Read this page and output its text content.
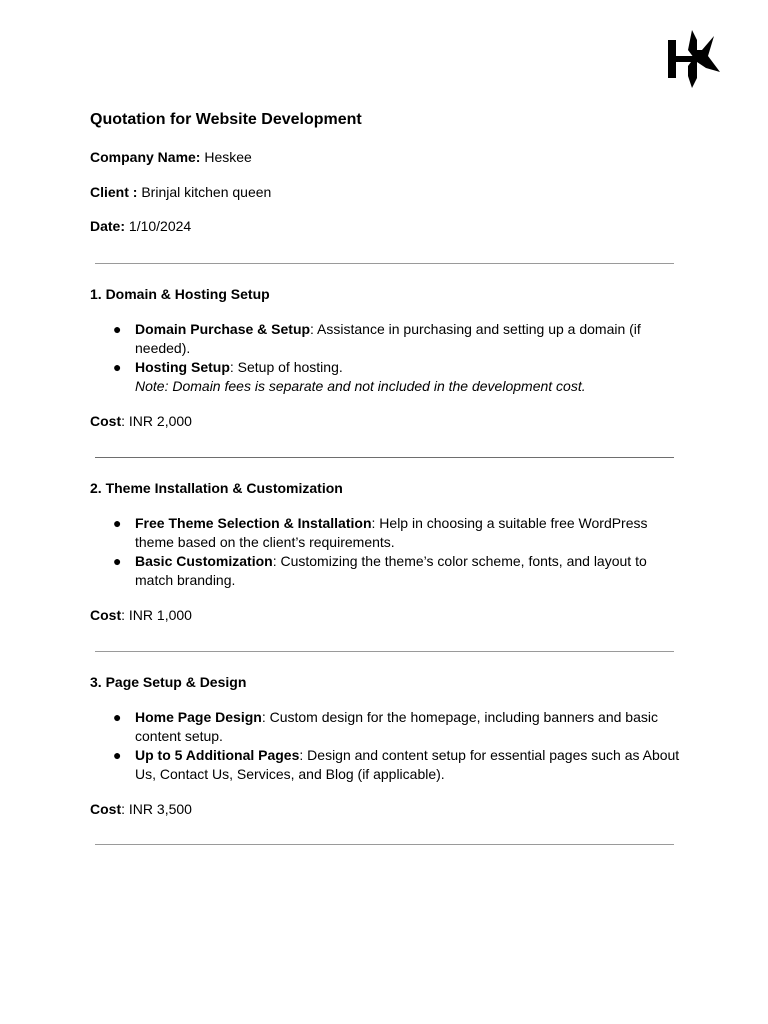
Quotation for Website Development

Company Name: Heskee

Client : Brinjal kitchen queen

Date: 1/10/2024

1. Domain & Hosting Setup

● Domain Purchase & Setup: Assistance in purchasing and setting up a domain (if needed).
● Hosting Setup: Setup of hosting.
Note: Domain fees is separate and not included in the development cost.

Cost: INR 2,000

2. Theme Installation & Customization

● Free Theme Selection & Installation: Help in choosing a suitable free WordPress theme based on the client’s requirements.
● Basic Customization: Customizing the theme’s color scheme, fonts, and layout to match branding.

Cost: INR 1,000

3. Page Setup & Design

● Home Page Design: Custom design for the homepage, including banners and basic content setup.
● Up to 5 Additional Pages: Design and content setup for essential pages such as About Us, Contact Us, Services, and Blog (if applicable).

Cost: INR 3,500
